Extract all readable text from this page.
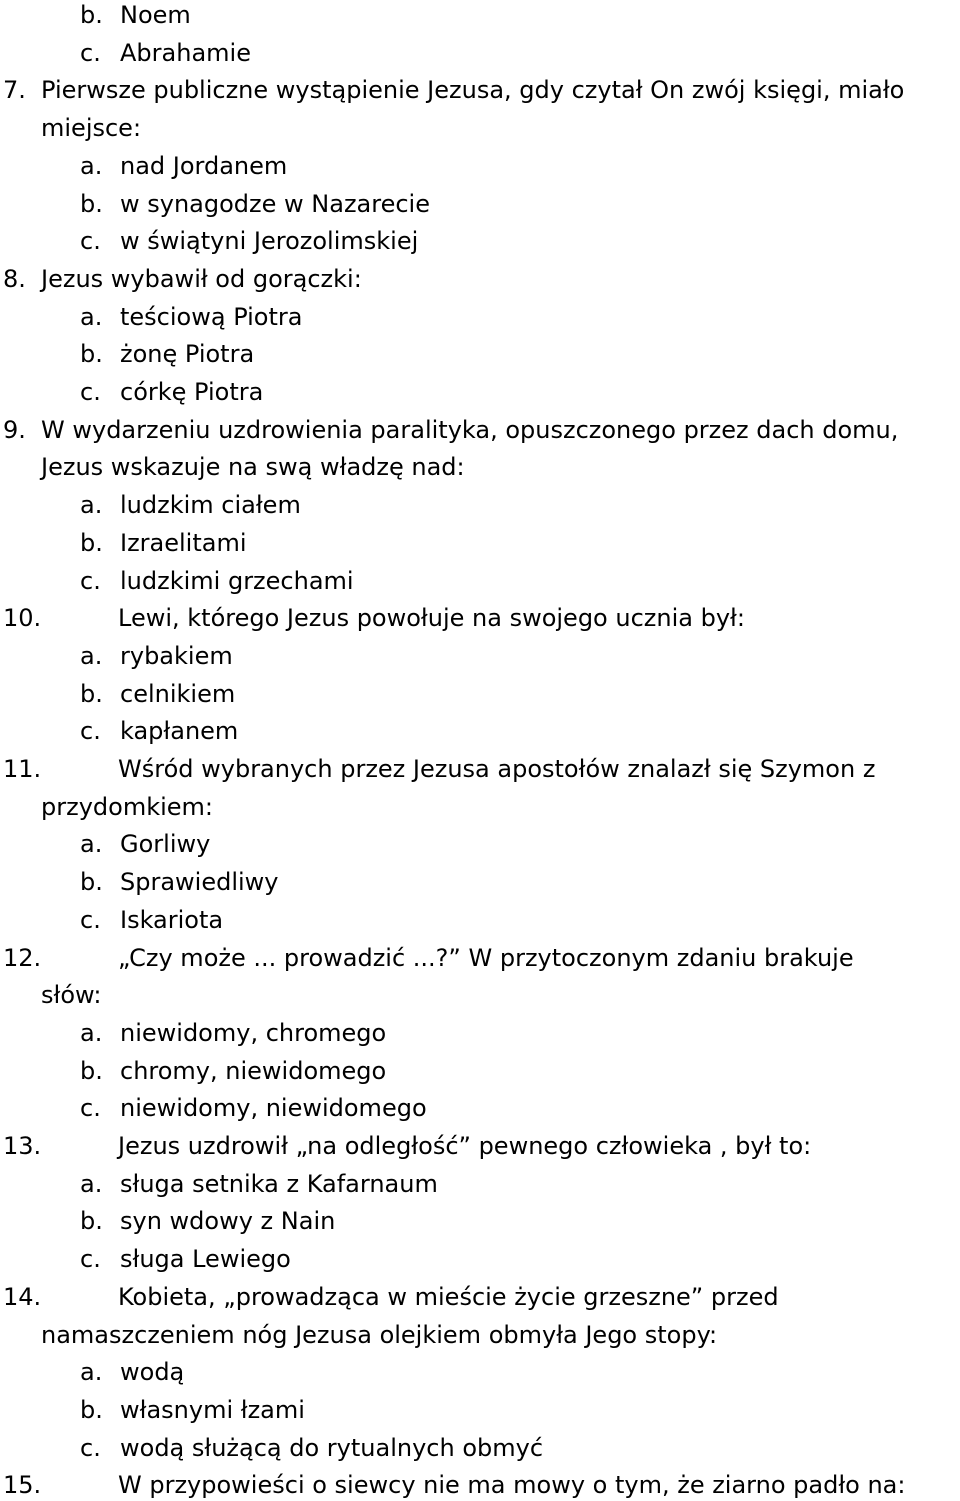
b. Noem
c. Abrahamie
7. Pierwsze publiczne wystąpienie Jezusa, gdy czytał On zwój księgi, miało
miejsce:
a. nad Jordanem
b. w synagodze w Nazarecie
c. w świątyni Jerozolimskiej
8. Jezus wybawił od gorączki:
a. teściową Piotra
b. żonę Piotra
c. córkę Piotra
9. W wydarzeniu uzdrowienia paralityka, opuszczonego przez dach domu,
Jezus wskazuje na swą władzę nad:
a. ludzkim ciałem
b. Izraelitami
c. ludzkimi grzechami
10.	Lewi, którego Jezus powołuje na swojego ucznia był:
a. rybakiem
b. celnikiem
c. kapłanem
11.	Wśród wybranych przez Jezusa apostołów znalazł się Szymon z
przydomkiem:
a. Gorliwy
b. Sprawiedliwy
c. Iskariota
12.	„Czy może ... prowadzić ...?” W przytoczonym zdaniu brakuje
słów:
a. niewidomy, chromego
b. chromy, niewidomego
c. niewidomy, niewidomego
13.	Jezus uzdrowił „na odległość” pewnego człowieka , był to:
a. sługa setnika z Kafarnaum
b. syn wdowy z Nain
c. sługa Lewiego
14.	Kobieta, „prowadząca w mieście życie grzeszne” przed
namaszczeniem nóg Jezusa olejkiem obmyła Jego stopy:
a. wodą
b. własnymi łzami
c. wodą służącą do rytualnych obmyć
15.	W przypowieści o siewcy nie ma mowy o tym, że ziarno padło na:
